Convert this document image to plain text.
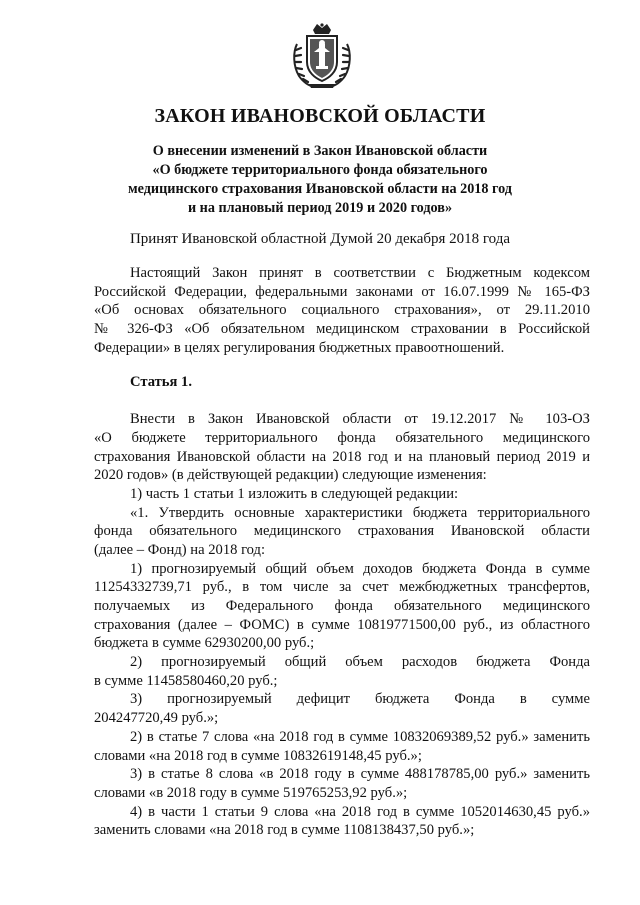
ЗАКОН ИВАНОВСКОЙ ОБЛАСТИ
О внесении изменений в Закон Ивановской области
«О бюджете территориального фонда обязательного
медицинского страхования Ивановской области на 2018 год
и на плановый период 2019 и 2020 годов»
Принят Ивановской областной Думой 20 декабря 2018 года
Настоящий Закон принят в соответствии с Бюджетным кодексом
Российской Федерации, федеральными законами от 16.07.1999 № 165-ФЗ
«Об основах обязательного социального страхования», от 29.11.2010
№ 326-ФЗ «Об обязательном медицинском страховании в Российской
Федерации» в целях регулирования бюджетных правоотношений.
Статья 1.
Внести в Закон Ивановской области от 19.12.2017 № 103-ОЗ
«О бюджете территориального фонда обязательного медицинского
страхования Ивановской области на 2018 год и на плановый период 2019 и
2020 годов» (в действующей редакции) следующие изменения:
1) часть 1 статьи 1 изложить в следующей редакции:
«1. Утвердить основные характеристики бюджета территориального
фонда обязательного медицинского страхования Ивановской области
(далее – Фонд) на 2018 год:
1) прогнозируемый общий объем доходов бюджета Фонда в сумме
11254332739,71 руб., в том числе за счет межбюджетных трансфертов,
получаемых из Федерального фонда обязательного медицинского
страхования (далее – ФОМС) в сумме 10819771500,00 руб., из областного
бюджета в сумме 62930200,00 руб.;
2) прогнозируемый общий объем расходов бюджета Фонда
в сумме 11458580460,20 руб.;
3) прогнозируемый дефицит бюджета Фонда в сумме
204247720,49 руб.»;
2) в статье 7 слова «на 2018 год в сумме 10832069389,52 руб.» заменить
словами «на 2018 год в сумме 10832619148,45 руб.»;
3) в статье 8 слова «в 2018 году в сумме 488178785,00 руб.» заменить
словами «в 2018 году в сумме 519765253,92 руб.»;
4) в части 1 статьи 9 слова «на 2018 год в сумме 1052014630,45 руб.»
заменить словами «на 2018 год в сумме 1108138437,50 руб.»;
